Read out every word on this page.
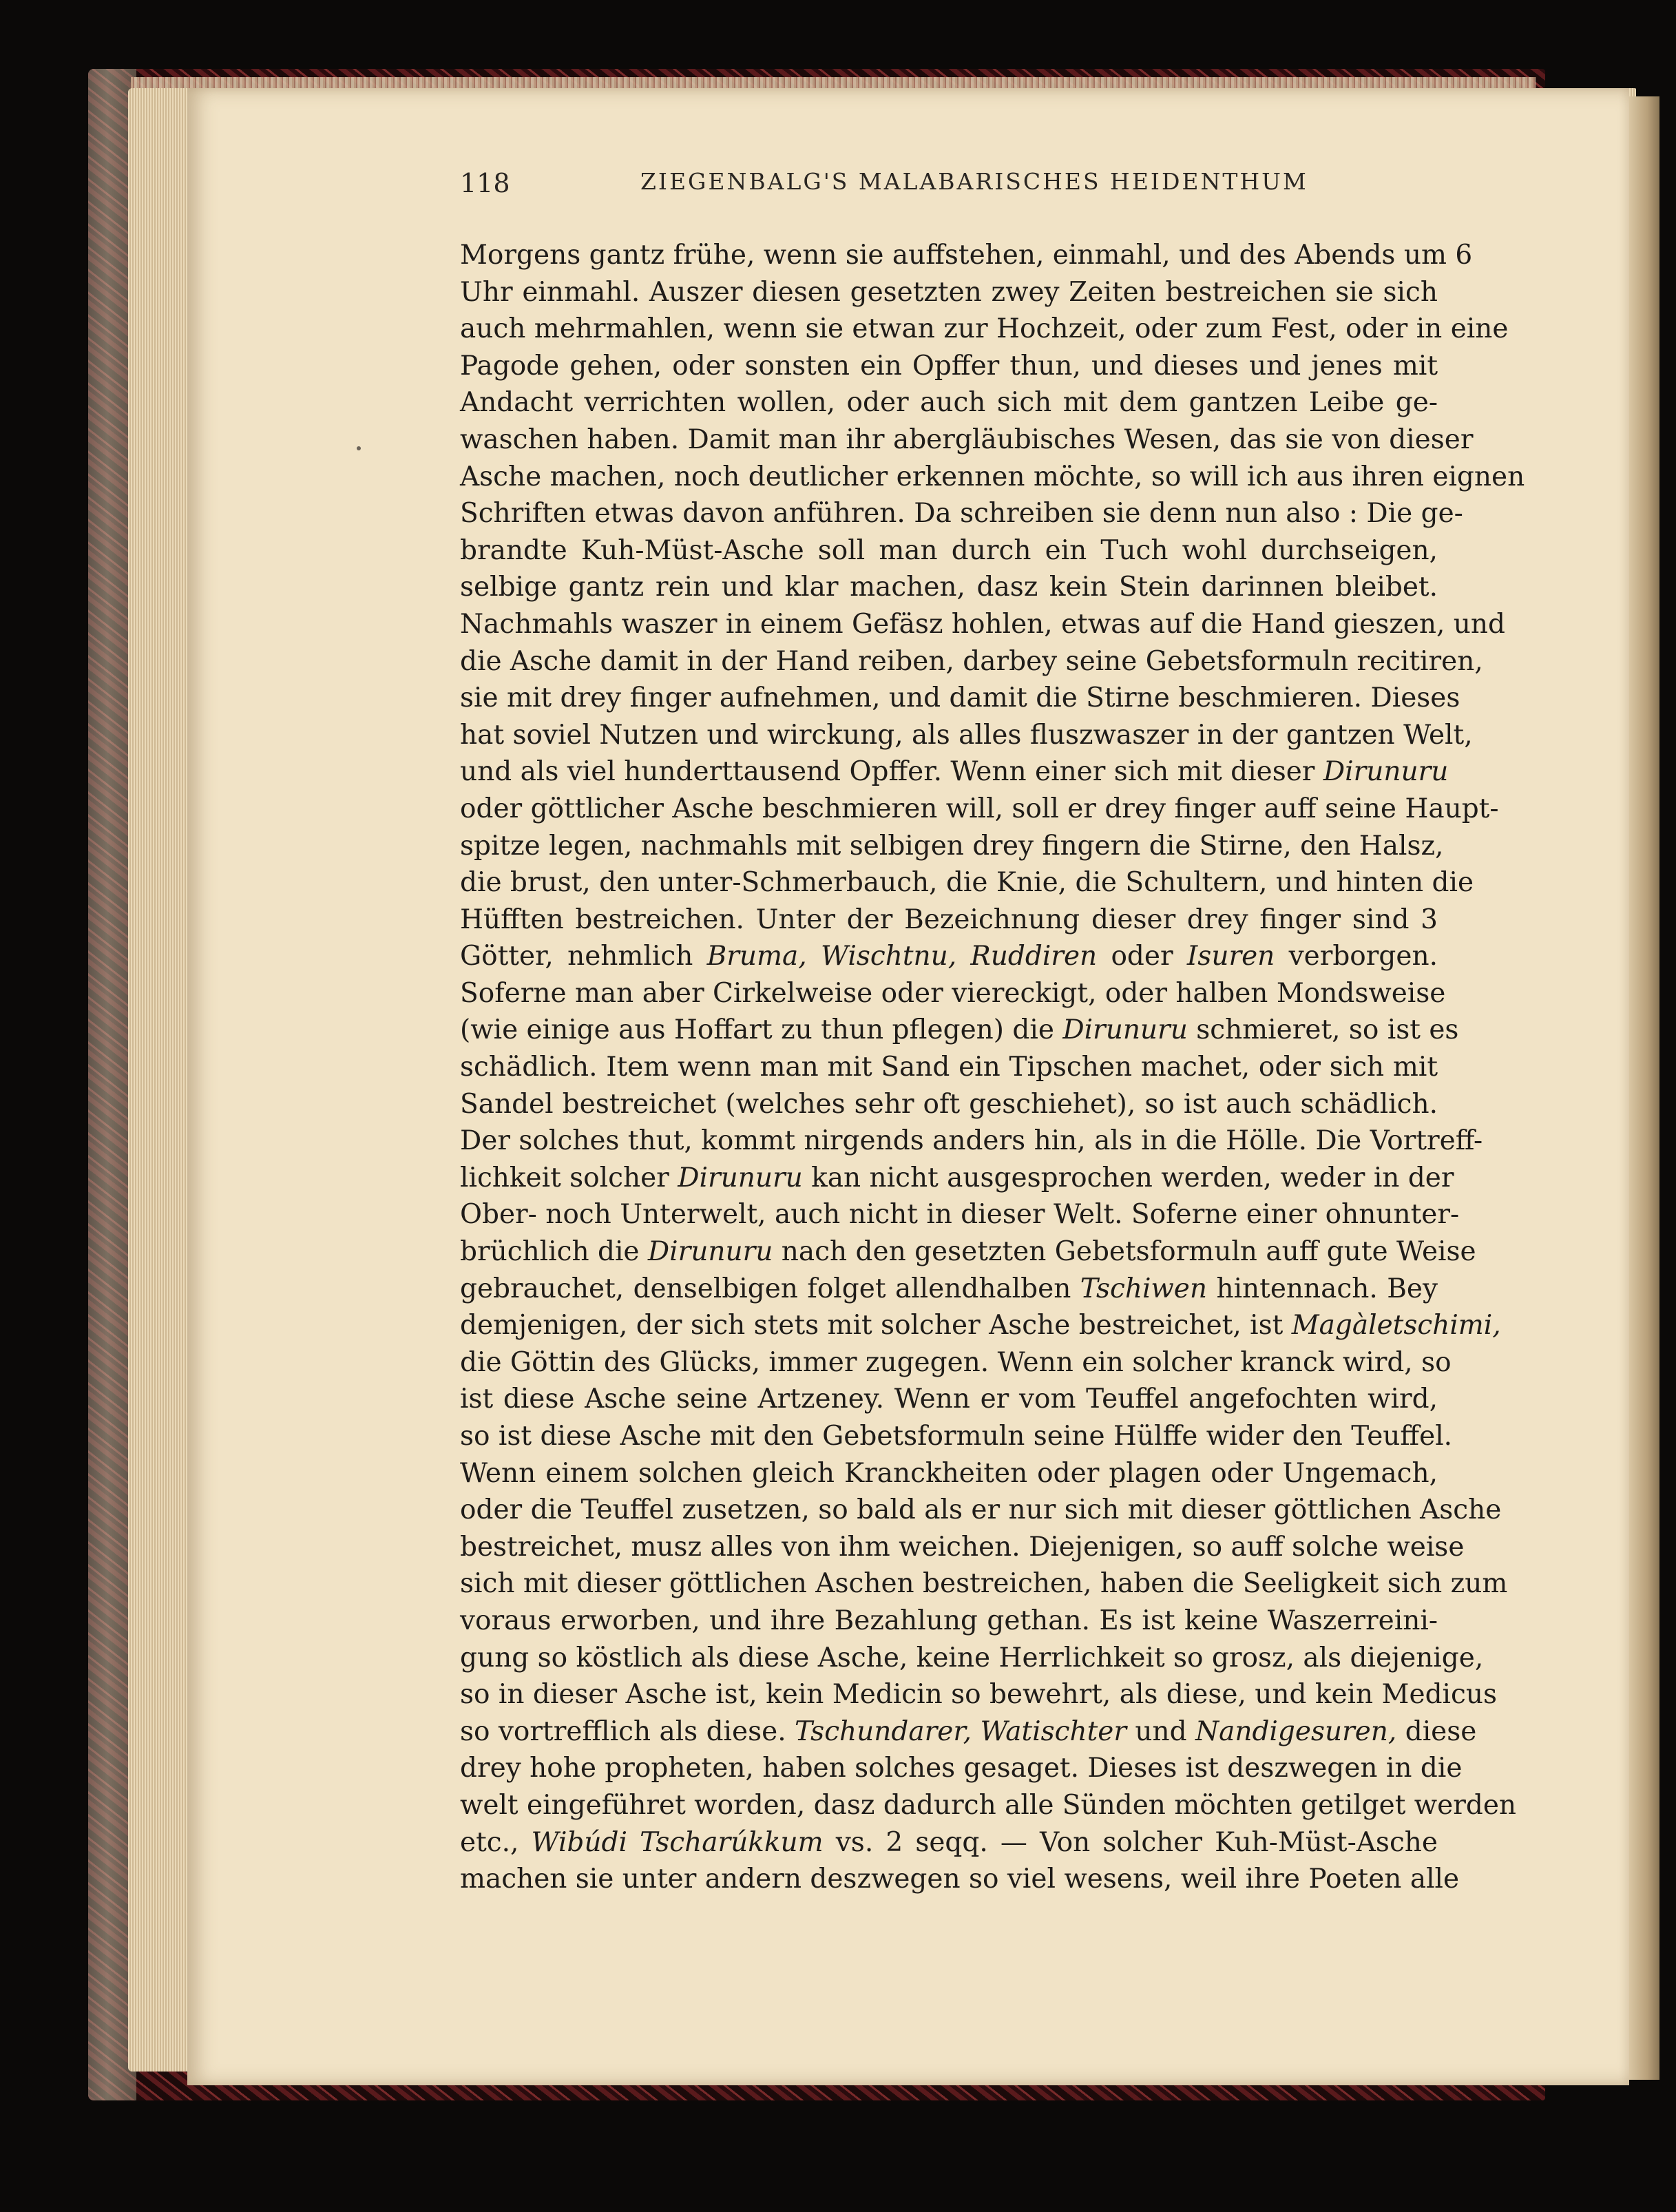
118	ZIEGENBALG'S MALABARISCHES HEIDENTHUM
Morgens gantz frühe, wenn sie auffstehen, einmahl, und des Abends um 6
Uhr einmahl. Auszer diesen gesetzten zwey Zeiten bestreichen sie sich
auch mehrmahlen, wenn sie etwan zur Hochzeit, oder zum Fest, oder in eine
Pagode gehen, oder sonsten ein Opffer thun, und dieses und jenes mit
Andacht verrichten wollen, oder auch sich mit dem gantzen Leibe ge-
waschen haben. Damit man ihr abergläubisches Wesen, das sie von dieser
Asche machen, noch deutlicher erkennen möchte, so will ich aus ihren eignen
Schriften etwas davon anführen. Da schreiben sie denn nun also : Die ge-
brandte Kuh-Müst-Asche soll man durch ein Tuch wohl durchseigen,
selbige gantz rein und klar machen, dasz kein Stein darinnen bleibet.
Nachmahls waszer in einem Gefäsz hohlen, etwas auf die Hand gieszen, und
die Asche damit in der Hand reiben, darbey seine Gebetsformuln recitiren,
sie mit drey finger aufnehmen, und damit die Stirne beschmieren. Dieses
hat soviel Nutzen und wirckung, als alles fluszwaszer in der gantzen Welt,
und als viel hunderttausend Opffer. Wenn einer sich mit dieser Dirunuru
oder göttlicher Asche beschmieren will, soll er drey finger auff seine Haupt-
spitze legen, nachmahls mit selbigen drey fingern die Stirne, den Halsz,
die brust, den unter-Schmerbauch, die Knie, die Schultern, und hinten die
Hüfften bestreichen. Unter der Bezeichnung dieser drey finger sind 3
Götter, nehmlich Bruma, Wischtnu, Ruddiren oder Isuren verborgen.
Soferne man aber Cirkelweise oder viereckigt, oder halben Mondsweise
(wie einige aus Hoffart zu thun pflegen) die Dirunuru schmieret, so ist es
schädlich. Item wenn man mit Sand ein Tipschen machet, oder sich mit
Sandel bestreichet (welches sehr oft geschiehet), so ist auch schädlich.
Der solches thut, kommt nirgends anders hin, als in die Hölle. Die Vortreff-
lichkeit solcher Dirunuru kan nicht ausgesprochen werden, weder in der
Ober- noch Unterwelt, auch nicht in dieser Welt. Soferne einer ohnunter-
brüchlich die Dirunuru nach den gesetzten Gebetsformuln auff gute Weise
gebrauchet, denselbigen folget allendhalben Tschiwen hintennach. Bey
demjenigen, der sich stets mit solcher Asche bestreichet, ist Magàletschimi,
die Göttin des Glücks, immer zugegen. Wenn ein solcher kranck wird, so
ist diese Asche seine Artzeney. Wenn er vom Teuffel angefochten wird,
so ist diese Asche mit den Gebetsformuln seine Hülffe wider den Teuffel.
Wenn einem solchen gleich Kranckheiten oder plagen oder Ungemach,
oder die Teuffel zusetzen, so bald als er nur sich mit dieser göttlichen Asche
bestreichet, musz alles von ihm weichen. Diejenigen, so auff solche weise
sich mit dieser göttlichen Aschen bestreichen, haben die Seeligkeit sich zum
voraus erworben, und ihre Bezahlung gethan. Es ist keine Waszerreini-
gung so köstlich als diese Asche, keine Herrlichkeit so grosz, als diejenige,
so in dieser Asche ist, kein Medicin so bewehrt, als diese, und kein Medicus
so vortrefflich als diese. Tschundarer, Watischter und Nandigesuren, diese
drey hohe propheten, haben solches gesaget. Dieses ist deszwegen in die
welt eingeführet worden, dasz dadurch alle Sünden möchten getilget werden
etc., Wibúdi Tscharúkkum vs. 2 seqq. — Von solcher Kuh-Müst-Asche
machen sie unter andern deszwegen so viel wesens, weil ihre Poeten alle
